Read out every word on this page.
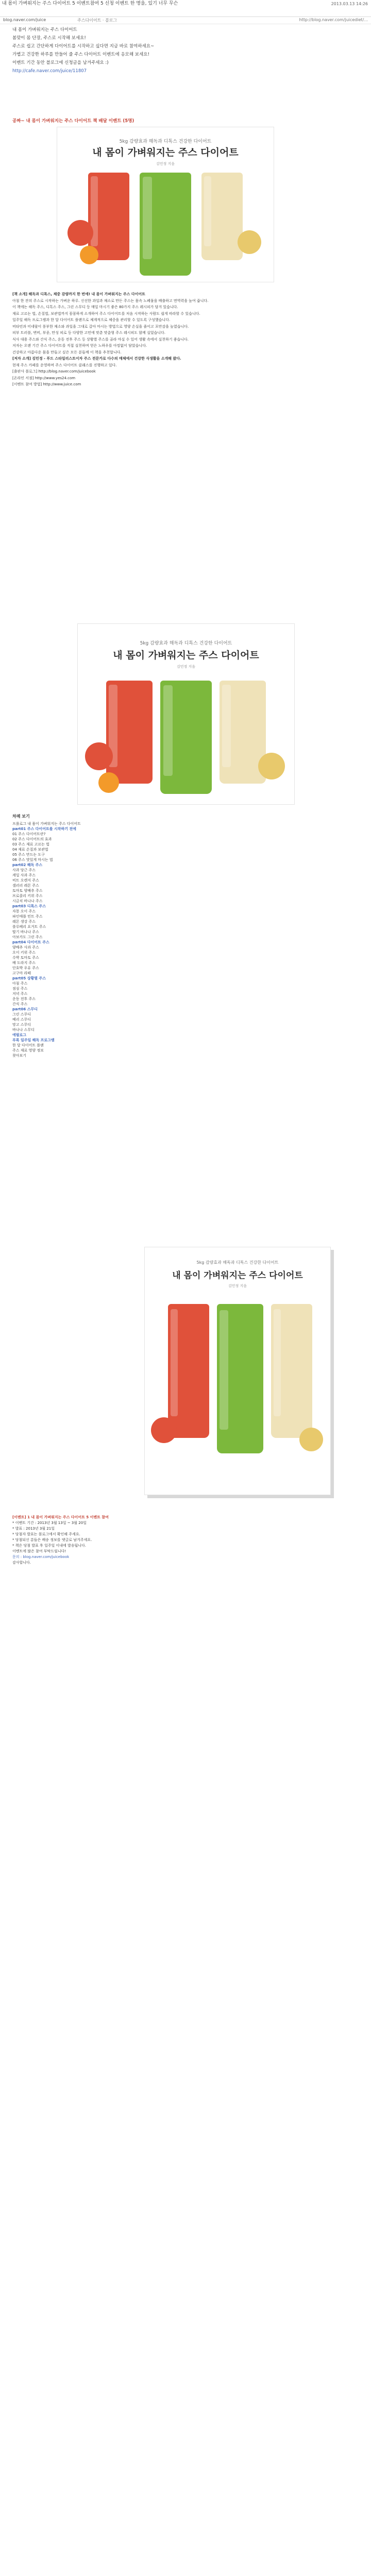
내 몸이 가벼워지는 주스 다이어트 5 이벤트참여 5 신청 이벤트 한 명을, 있기 너무 무슨	2013.03.13 14:26
blog.naver.com/juice	주스다이어트 · 블로그	http://blog.naver.com/juicediet/...

내 몸이 가벼워지는 주스 다이어트

봄맞이 몸 단장, 주스로 시작해 보세요!

주스로 쉽고 간단하게 다이어트를 시작하고 싶다면 지금 바로 참여하세요~

가볍고 건강한 하루를 만들어 줄 주스 다이어트 이벤트에 응모해 보세요!

이벤트 기간 동안 블로그에 신청글을 남겨주세요 :)

http://cafe.naver.com/juice/11807

공짜~ 내 몸이 가벼워지는 주스 다이어트 책 배달 이벤트 (5명)
5kg 감량효과 해독과 디톡스 건강한 다이어트
내 몸이 가벼워지는 주스 다이어트
김민정 지음

[책 소개] 해독과 디톡스, 체중 감량까지 한 번에! 내 몸이 가벼워지는 주스 다이어트

아침 한 잔의 주스로 시작하는 가벼운 하루. 신선한 과일과 채소로 만든 주스는 몸속 노폐물을 배출하고 면역력을 높여 줍니다.

이 책에는 해독 주스, 디톡스 주스, 그린 스무디 등 매일 마시기 좋은 80가지 주스 레시피가 담겨 있습니다.

재료 고르는 법, 손질법, 보관법까지 꼼꼼하게 소개하여 주스 다이어트를 처음 시작하는 사람도 쉽게 따라할 수 있습니다.

일주일 해독 프로그램과 한 달 다이어트 플랜으로 체계적으로 체중을 관리할 수 있도록 구성했습니다.

비타민과 미네랄이 풍부한 채소와 과일을 그대로 갈아 마시는 방법으로 영양 손실을 줄이고 포만감을 높였습니다.

피부 트러블, 변비, 부종, 만성 피로 등 다양한 고민에 맞춘 맞춤형 주스 레시피도 함께 실었습니다.

식사 대용 주스와 간식 주스, 운동 전후 주스 등 상황별 주스를 골라 마실 수 있어 생활 속에서 실천하기 좋습니다.

저자는 오랜 기간 주스 다이어트를 직접 실천하며 얻은 노하우를 아낌없이 담았습니다.

건강하고 아름다운 몸을 만들고 싶은 모든 분들께 이 책을 추천합니다.

[저자 소개] 김민정 - 푸드 스타일리스트이자 주스 전문가로 다수의 매체에서 건강한 식생활을 소개해 왔다.

현재 주스 카페를 운영하며 주스 다이어트 클래스를 진행하고 있다.

[출판사 블로그] http://blog.naver.com/juicebook

[온라인 서점] http://www.yes24.com

[이벤트 참여 방법] http://www.juice.com

5kg 감량효과 해독과 디톡스 건강한 다이어트
내 몸이 가벼워지는 주스 다이어트
김민정 지음
차례 보기
프롤로그 내 몸이 가벼워지는 주스 다이어트
part01 주스 다이어트를 시작하기 전에
01 주스 다이어트란?
02 주스 다이어트의 효과
03 주스 재료 고르는 법
04 재료 손질과 보관법
05 주스 만드는 도구
06 주스 맛있게 마시는 법
part02 해독 주스
사과 당근 주스
케일 사과 주스
비트 오렌지 주스
셀러리 레몬 주스
토마토 양배추 주스
브로콜리 키위 주스
시금치 바나나 주스
part03 디톡스 주스
자몽 오이 주스
파인애플 민트 주스
레몬 생강 주스
블루베리 요거트 주스
딸기 바나나 주스
아보카도 그린 주스
part04 다이어트 주스
양배추 사과 주스
오이 키위 주스
수박 토마토 주스
배 도라지 주스
단호박 우유 주스
고구마 라떼
part05 상황별 주스
아침 주스
점심 주스
저녁 주스
운동 전후 주스
간식 주스
part06 스무디
그린 스무디
베리 스무디
망고 스무디
바나나 스무디
에필로그
부록 일주일 해독 프로그램
한 달 다이어트 플랜
주스 재료 영양 정보
찾아보기
5kg 감량효과 해독과 디톡스 건강한 다이어트
내 몸이 가벼워지는 주스 다이어트
김민정 지음
[이벤트] 1 내 몸이 가벼워지는 주스 다이어트 5 이벤트 참여
* 이벤트 기간 : 2013년 3월 13일 ~ 3월 20일
* 발표 : 2013년 3월 21일
* 당첨자 발표는 블로그에서 확인해 주세요.
* 당첨되신 분들은 배송 정보를 댓글로 남겨주세요.
* 책은 당첨 발표 후 일주일 이내에 발송됩니다.
이벤트에 많은 참여 부탁드립니다!
문의 : blog.naver.com/juicebook
감사합니다.
